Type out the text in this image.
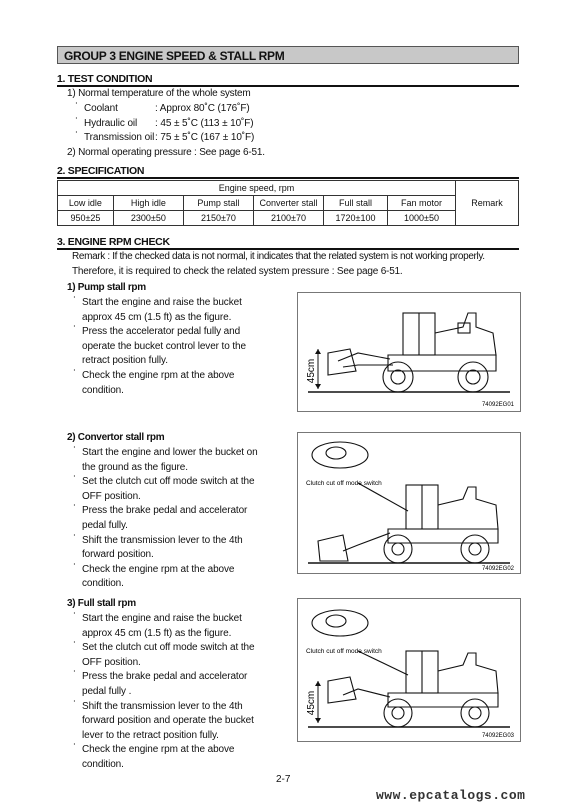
GROUP 3 ENGINE SPEED & STALL RPM
1. TEST CONDITION
1) Normal temperature of the whole system
˙ Coolant	: Approx 80˚C (176˚F)
˙ Hydraulic oil : 45 ± 5˚C (113 ± 10˚F)
˙ Transmission oil: 75 ± 5˚C (167 ± 10˚F)
2) Normal operating pressure : See page 6-51.
2. SPECIFICATION
Engine speed, rpm						Remark
Low idle	High idle	Pump stall	Converter stall	Full stall	Fan motor	
950±25	2300±50	2150±70	2100±70	1720±100	1000±50	
3. ENGINE RPM CHECK
Remark : If the checked data is not normal, it indicates that the related system is not working properly.
Therefore, it is required to check the related system pressure : See page 6-51.
1) Pump stall rpm
˙ Start the engine and raise the bucket
approx 45 cm (1.5 ft) as the figure.
˙ Press the accelerator pedal fully and
operate the bucket control lever to the
retract position fully.
˙ Check the engine rpm at the above
condition.
45cm
74092EG01
2) Convertor stall rpm
˙ Start the engine and lower the bucket on
the ground as the figure.
˙ Set the clutch cut off mode switch at the
OFF position.
˙ Press the brake pedal and accelerator
pedal fully.
˙ Shift the transmission lever to the 4th
forward position.
˙ Check the engine rpm at the above
condition.
Clutch cut off mode switch
74092EG02
3) Full stall rpm
˙ Start the engine and raise the bucket
approx 45 cm (1.5 ft) as the figure.
˙ Set the clutch cut off mode switch at the
OFF position.
˙ Press the brake pedal and accelerator
pedal fully .
˙ Shift the transmission lever to the 4th
forward position and operate the bucket
lever to the retract position fully.
˙ Check the engine rpm at the above
condition.
45cm
Clutch cut off mode switch
74092EG03
2-7
www.epcatalogs.com
